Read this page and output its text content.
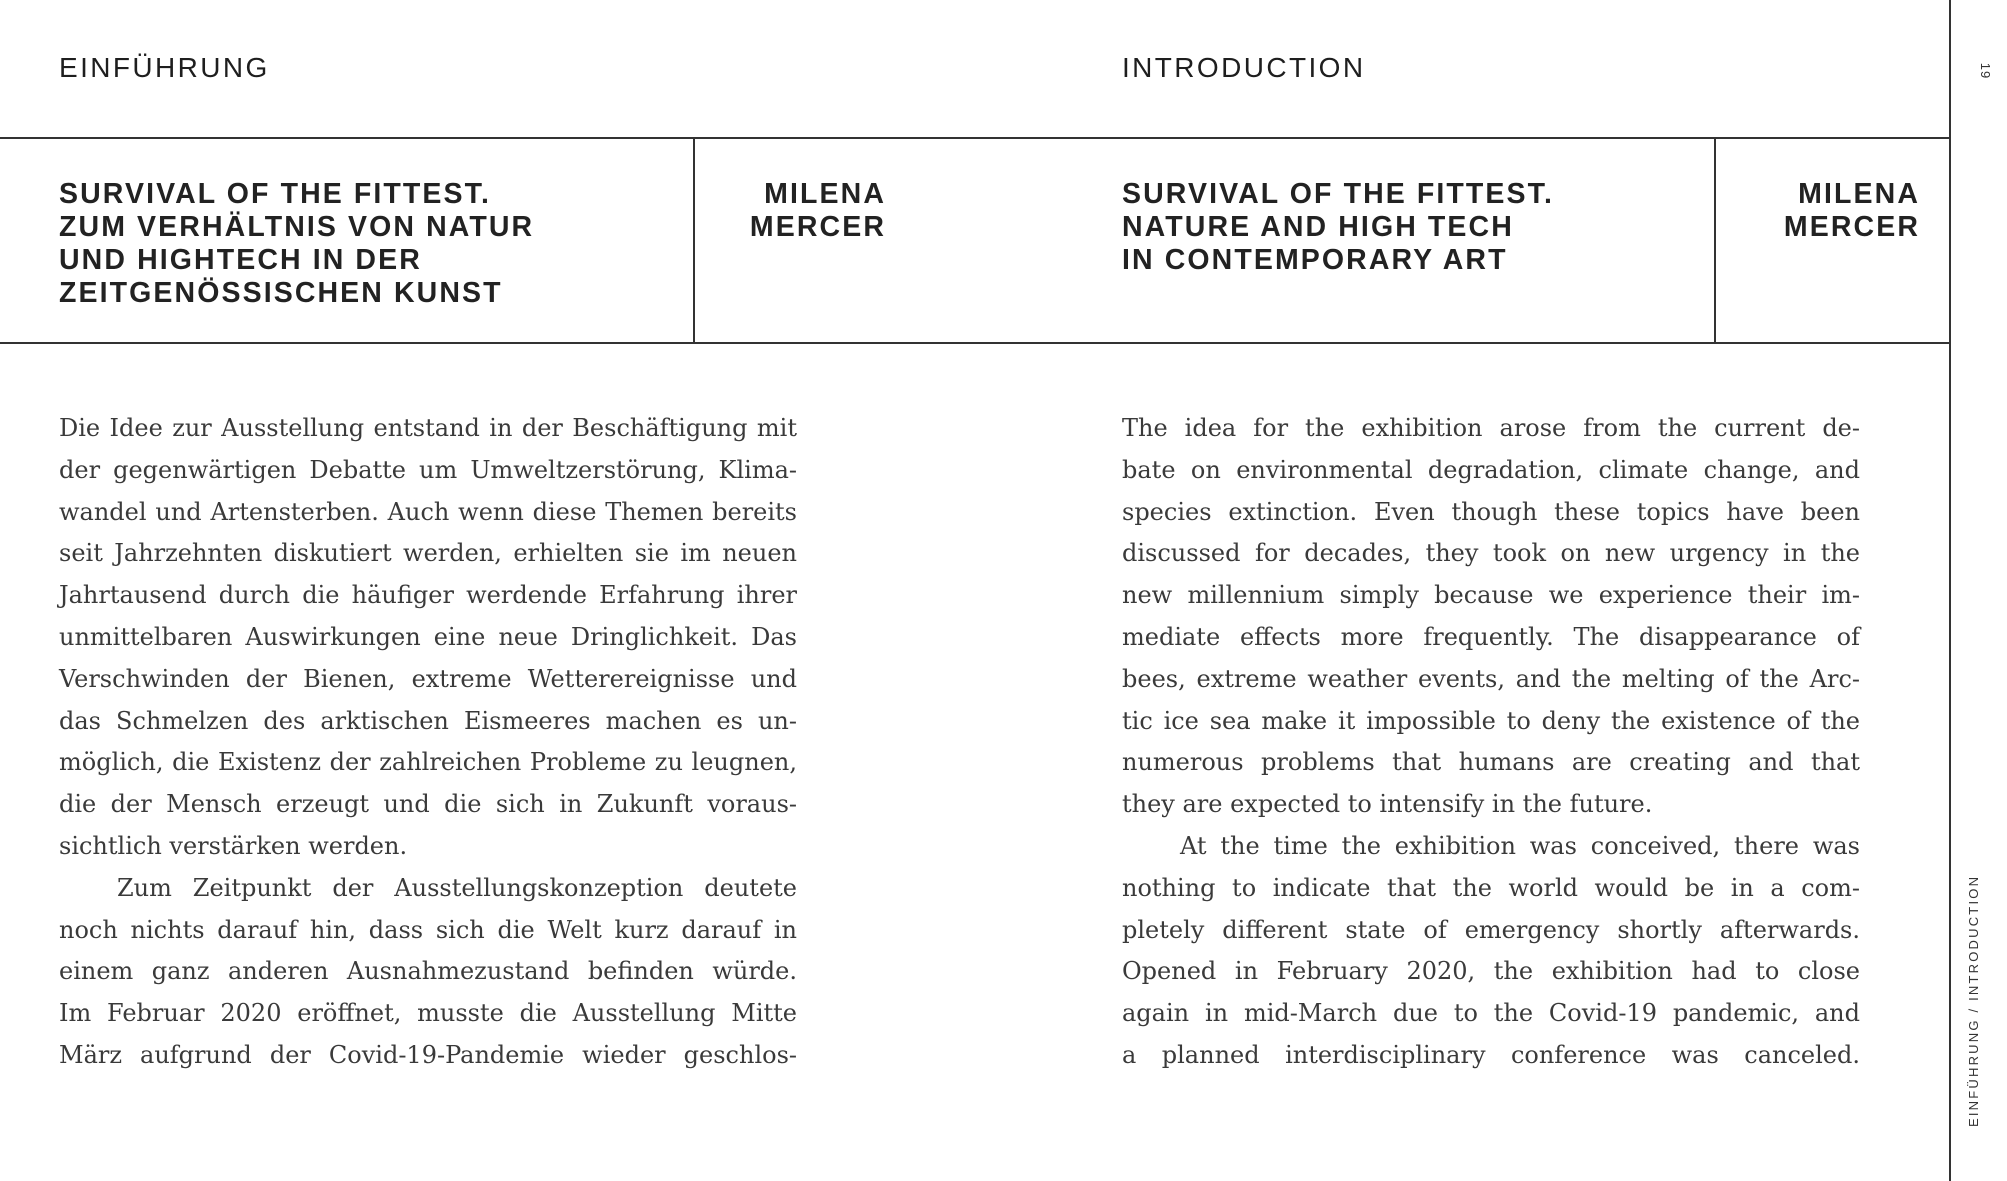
EINFÜHRUNG	INTRODUCTION
SURVIVAL OF THE FITTEST.
ZUM VERHÄLTNIS VON NATUR
UND HIGHTECH IN DER
ZEITGENÖSSISCHEN KUNST
MILENA
MERCER
SURVIVAL OF THE FITTEST.
NATURE AND HIGH TECH
IN CONTEMPORARY ART
MILENA
MERCER
Die Idee zur Ausstellung entstand in der Beschäftigung mit
der gegenwärtigen Debatte um Umweltzerstörung, Klima-
wandel und Artensterben. Auch wenn diese Themen bereits
seit Jahrzehnten diskutiert werden, erhielten sie im neuen
Jahrtausend durch die häufiger werdende Erfahrung ihrer
unmittelbaren Auswirkungen eine neue Dringlichkeit. Das
Verschwinden der Bienen, extreme Wetterereignisse und
das Schmelzen des arktischen Eismeeres machen es un-
möglich, die Existenz der zahlreichen Probleme zu leugnen,
die der Mensch erzeugt und die sich in Zukunft voraus-
sichtlich verstärken werden.
Zum Zeitpunkt der Ausstellungskonzeption deutete
noch nichts darauf hin, dass sich die Welt kurz darauf in
einem ganz anderen Ausnahmezustand befinden würde.
Im Februar 2020 eröffnet, musste die Ausstellung Mitte
März aufgrund der Covid-19-Pandemie wieder geschlos-
The idea for the exhibition arose from the current de-
bate on environmental degradation, climate change, and
species extinction. Even though these topics have been
discussed for decades, they took on new urgency in the
new millennium simply because we experience their im-
mediate effects more frequently. The disappearance of
bees, extreme weather events, and the melting of the Arc-
tic ice sea make it impossible to deny the existence of the
numerous problems that humans are creating and that
they are expected to intensify in the future.
At the time the exhibition was conceived, there was
nothing to indicate that the world would be in a com-
pletely different state of emergency shortly afterwards.
Opened in February 2020, the exhibition had to close
again in mid-March due to the Covid-19 pandemic, and
a planned interdisciplinary conference was canceled.
19
EINFÜHRUNG / INTRODUCTION
